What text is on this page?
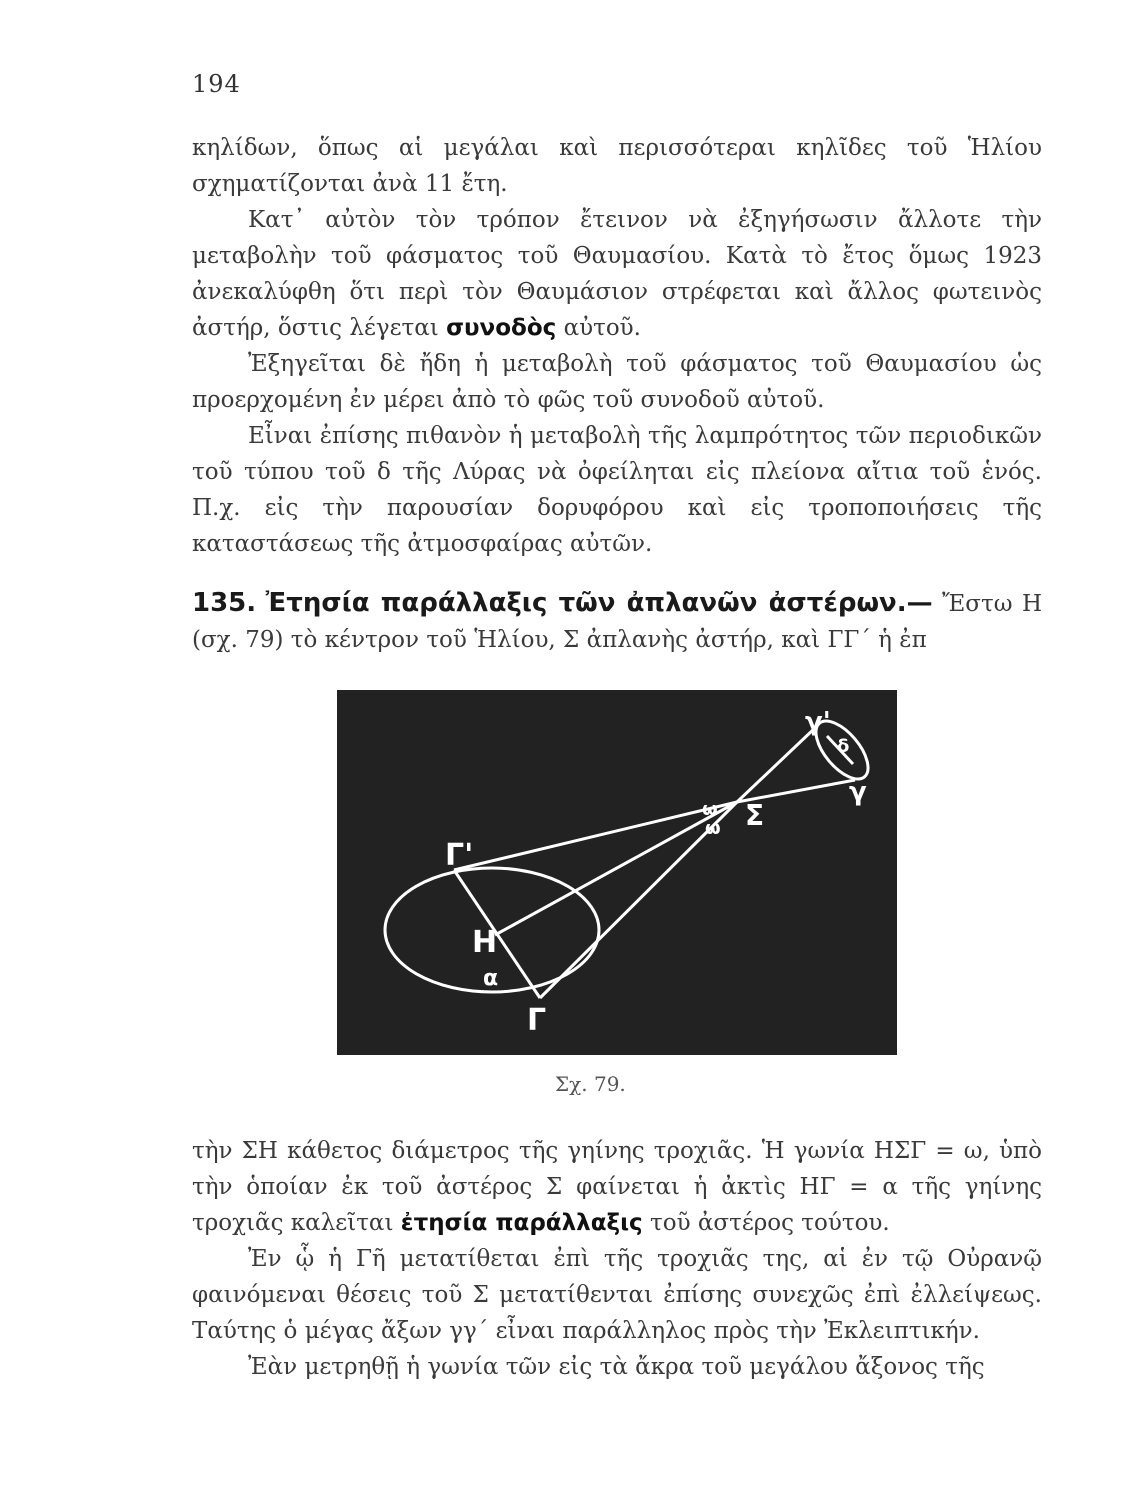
194

κηλίδων, ὅπως αἱ μεγάλαι καὶ περισσότεραι κηλῖδες τοῦ Ἡλίου σχηματίζονται ἀνὰ 11 ἔτη.

Κατ᾽ αὐτὸν τὸν τρόπον ἔτεινον νὰ ἐξηγήσωσιν ἄλλοτε τὴν μεταβολὴν τοῦ φάσματος τοῦ Θαυμασίου. Κατὰ τὸ ἔτος ὅμως 1923 ἀνεκαλύφθη ὅτι περὶ τὸν Θαυμάσιον στρέφεται καὶ ἄλλος φωτεινὸς ἀστήρ, ὅστις λέγεται συνοδὸς αὐτοῦ.

Ἐξηγεῖται δὲ ἤδη ἡ μεταβολὴ τοῦ φάσματος τοῦ Θαυμασίου ὡς προερχομένη ἐν μέρει ἀπὸ τὸ φῶς τοῦ συνοδοῦ αὐτοῦ.

Εἶναι ἐπίσης πιθανὸν ἡ μεταβολὴ τῆς λαμπρότητος τῶν περιοδικῶν τοῦ τύπου τοῦ δ τῆς Λύρας νὰ ὀφείληται εἰς πλείονα αἴτια τοῦ ἑνός. Π.χ. εἰς τὴν παρουσίαν δορυφόρου καὶ εἰς τροποποιήσεις τῆς καταστάσεως τῆς ἀτμοσφαίρας αὐτῶν.

135. Ἐτησία παράλλαξις τῶν ἀπλανῶν ἀστέρων.— Ἔστω Η (σχ. 79) τὸ κέντρον τοῦ Ἡλίου, Σ ἀπλανὴς ἀστήρ, καὶ ΓΓ΄ ἡ ἐπ

γ'
δ
γ
Σ
ω
ω
Γ'
Η
α
Γ
Σχ. 79.

τὴν ΣΗ κάθετος διάμετρος τῆς γηίνης τροχιᾶς. Ἡ γωνία ΗΣΓ = ω, ὑπὸ τὴν ὁποίαν ἐκ τοῦ ἀστέρος Σ φαίνεται ἡ ἀκτὶς ΗΓ = α τῆς γηίνης τροχιᾶς καλεῖται ἐτησία παράλλαξις τοῦ ἀστέρος τούτου.

Ἐν ᾧ ἡ Γῆ μετατίθεται ἐπὶ τῆς τροχιᾶς της, αἱ ἐν τῷ Οὐρανῷ φαινόμεναι θέσεις τοῦ Σ μετατίθενται ἐπίσης συνεχῶς ἐπὶ ἐλλείψεως. Ταύτης ὁ μέγας ἄξων γγ΄ εἶναι παράλληλος πρὸς τὴν Ἐκλειπτικήν.

Ἐὰν μετρηθῇ ἡ γωνία τῶν εἰς τὰ ἄκρα τοῦ μεγάλου ἄξονος τῆς
